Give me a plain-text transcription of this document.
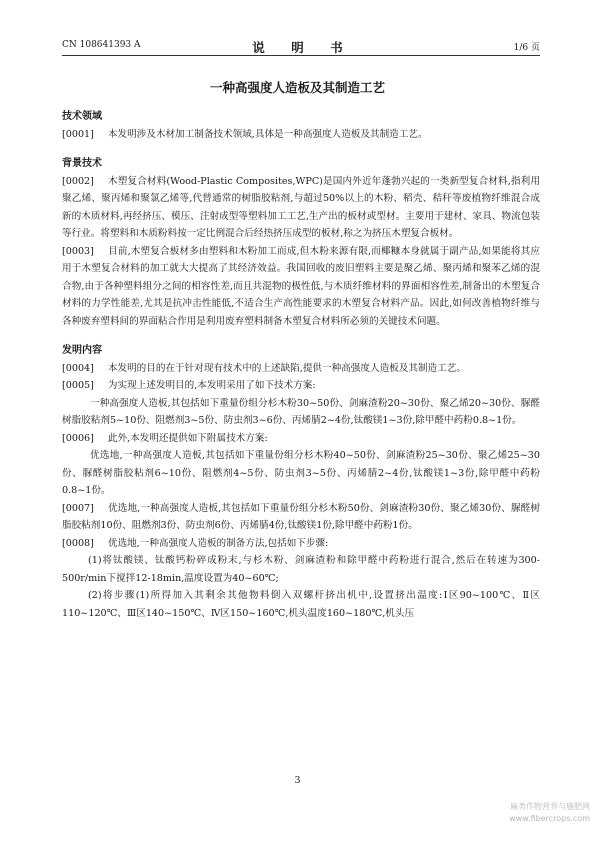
CN 108641393 A	说　明　书	1/6 页
一种高强度人造板及其制造工艺
技术领域

[0001] 本发明涉及木材加工制备技术领域,具体是一种高强度人造板及其制造工艺。

背景技术

[0002] 木塑复合材料(Wood-Plastic Composites,WPC)是国内外近年蓬勃兴起的一类新型复合材料,指利用聚乙烯、聚丙烯和聚氯乙烯等,代替通常的树脂胶粘剂,与超过50%以上的木粉、稻壳、秸秆等废植物纤维混合成新的木质材料,再经挤压、模压、注射成型等塑料加工工艺,生产出的板材或型材。主要用于建材、家具、物流包装等行业。将塑料和木质粉料按一定比例混合后经热挤压成型的板材,称之为挤压木塑复合板材。

[0003] 目前,木塑复合板材多由塑料和木粉加工而成,但木粉来源有限,而椰糠本身就属于副产品,如果能将其应用于木塑复合材料的加工就大大提高了其经济效益。我国回收的废旧塑料主要是聚乙烯、聚丙烯和聚苯乙烯的混合物,由于各种塑料组分之间的相容性差,而且共混物的极性低,与木质纤维材料的界面相容性差,制备出的木塑复合材料的力学性能差,尤其是抗冲击性能低,不适合生产高性能要求的木塑复合材料产品。因此,如何改善植物纤维与各种废弃塑料间的界面粘合作用是利用废弃塑料制备木塑复合材料所必须的关键技术问题。

发明内容

[0004] 本发明的目的在于针对现有技术中的上述缺陷,提供一种高强度人造板及其制造工艺。

[0005] 为实现上述发明目的,本发明采用了如下技术方案:

一种高强度人造板,其包括如下重量份组分杉木粉30~50份、剑麻渣粉20~30份、聚乙烯20~30份、脲醛树脂胶粘剂5~10份、阻燃剂3~5份、防虫剂3~6份、丙烯腈2~4份,钛酸镁1~3份,除甲醛中药粉0.8~1份。

[0006] 此外,本发明还提供如下附属技术方案:

优选地,一种高强度人造板,其包括如下重量份组分杉木粉40~50份、剑麻渣粉25~30份、聚乙烯25~30份、脲醛树脂胶粘剂6~10份、阻燃剂4~5份、防虫剂3~5份、丙烯腈2~4份,钛酸镁1~3份,除甲醛中药粉0.8~1份。

[0007] 优选地,一种高强度人造板,其包括如下重量份组分杉木粉50份、剑麻渣粉30份、聚乙烯30份、脲醛树脂胶粘剂10份、阻燃剂3份、防虫剂6份、丙烯腈4份,钛酸镁1份,除甲醛中药粉1份。

[0008] 优选地,一种高强度人造板的制备方法,包括如下步骤:

(1)将钛酸镁、钛酸钙粉碎成粉末,与杉木粉、剑麻渣粉和除甲醛中药粉进行混合,然后在转速为300-500r/min下搅拌12-18min,温度设置为40~60℃;

(2)将步骤(1)所得加入其剩余其他物料倒入双螺杆挤出机中,设置挤出温度:Ⅰ区90~100℃、Ⅱ区110~120℃、Ⅲ区140~150℃、Ⅳ区150~160℃,机头温度160~180℃,机头压

3
麻类作物营养与施肥网
www.fibercrops.com
